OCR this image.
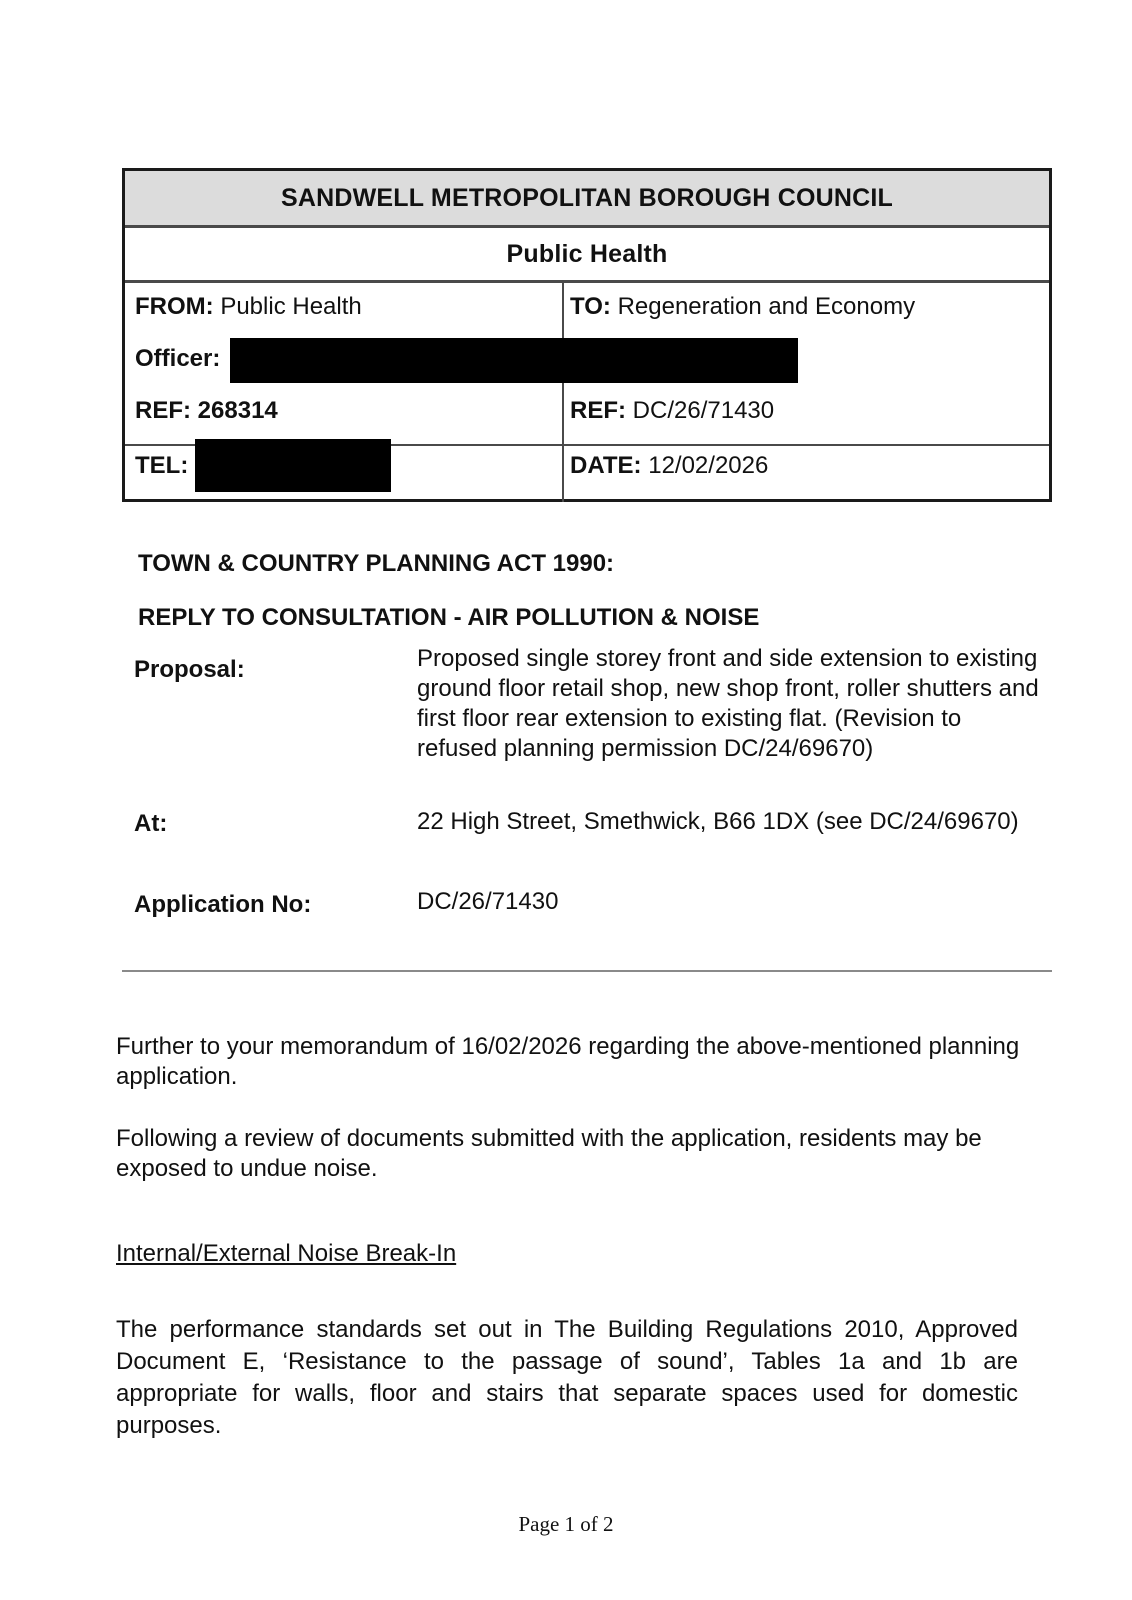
SANDWELL METROPOLITAN BOROUGH COUNCIL
Public Health
FROM: Public Health	TO: Regeneration and Economy
Officer:
REF: 268314	REF: DC/26/71430
TEL:	DATE: 12/02/2026
TOWN & COUNTRY PLANNING ACT 1990:
REPLY TO CONSULTATION - AIR POLLUTION & NOISE
Proposal:	Proposed single storey front and side extension to existing ground floor retail shop, new shop front, roller shutters and first floor rear extension to existing flat. (Revision to refused planning permission DC/24/69670)
At:	22 High Street, Smethwick, B66 1DX (see DC/24/69670)
Application No:	DC/26/71430
Further to your memorandum of 16/02/2026 regarding the above-mentioned planning application.
Following a review of documents submitted with the application, residents may be exposed to undue noise.
Internal/External Noise Break-In
The performance standards set out in The Building Regulations 2010, Approved Document E, ‘Resistance to the passage of sound’, Tables 1a and 1b are appropriate for walls, floor and stairs that separate spaces used for domestic purposes.
Page 1 of 2
